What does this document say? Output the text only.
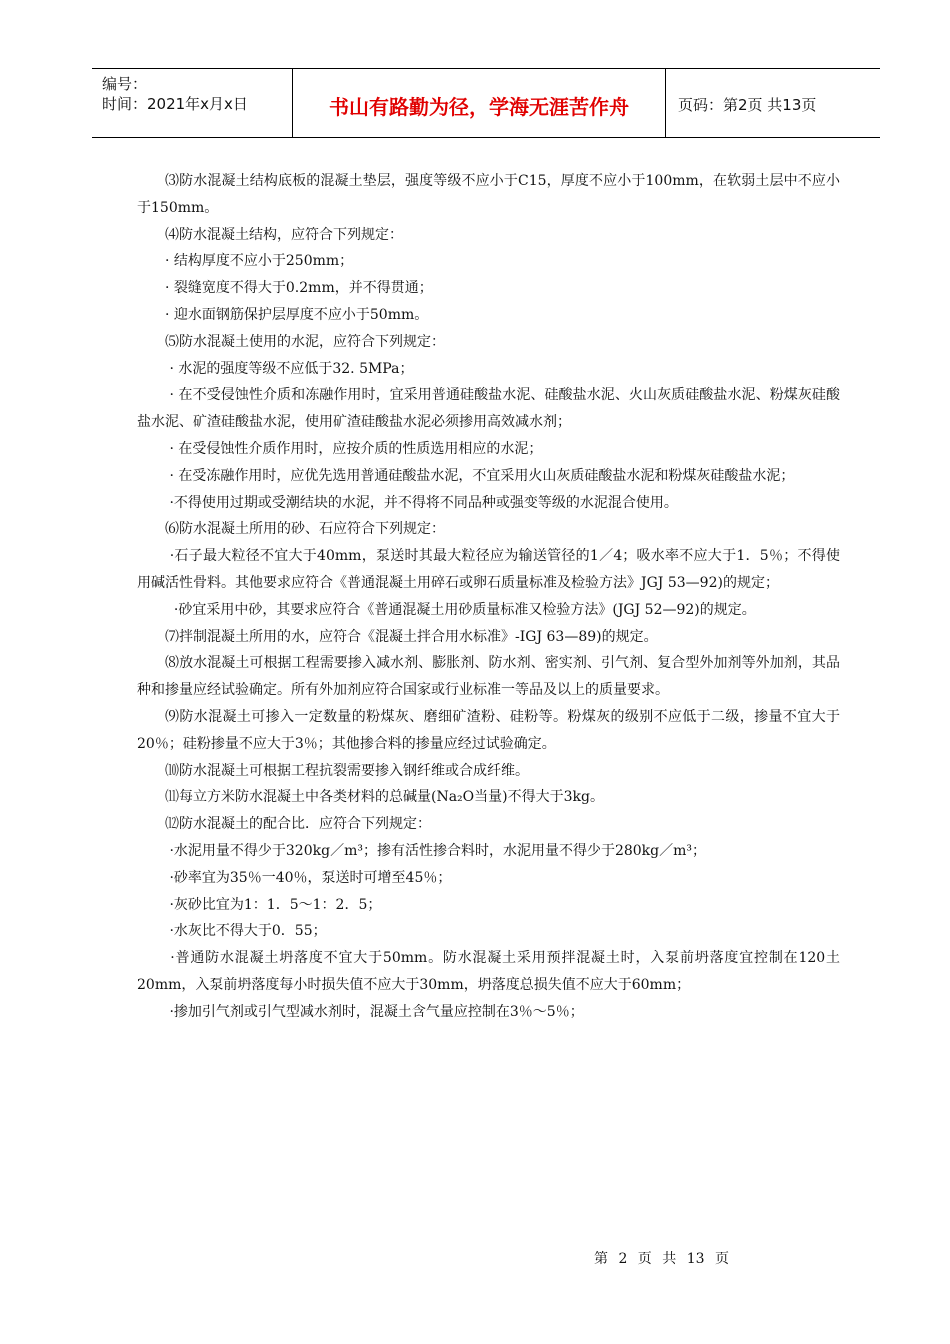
编号：
时间：2021年x月x日	书山有路勤为径，学海无涯苦作舟	页码：第2页 共13页

⑶防水混凝土结构底板的混凝土垫层，强度等级不应小于C15，厚度不应小于100mm，在软弱土层中不应小于150mm。

⑷防水混凝土结构，应符合下列规定：

· 结构厚度不应小于250mm；

· 裂缝宽度不得大于0.2mm，并不得贯通；

· 迎水面钢筋保护层厚度不应小于50mm。

⑸防水混凝土使用的水泥，应符合下列规定：

· 水泥的强度等级不应低于32. 5MPa；

· 在不受侵蚀性介质和冻融作用时，宜采用普通硅酸盐水泥、硅酸盐水泥、火山灰质硅酸盐水泥、粉煤灰硅酸盐水泥、矿渣硅酸盐水泥，使用矿渣硅酸盐水泥必须掺用高效减水剂；

· 在受侵蚀性介质作用时，应按介质的性质选用相应的水泥；

· 在受冻融作用时，应优先选用普通硅酸盐水泥，不宜采用火山灰质硅酸盐水泥和粉煤灰硅酸盐水泥；

·不得使用过期或受潮结块的水泥，并不得将不同品种或强变等级的水泥混合使用。

⑹防水混凝土所用的砂、石应符合下列规定：

·石子最大粒径不宜大于40mm，泵送时其最大粒径应为输送管径的1／4；吸水率不应大于1．5％；不得使用碱活性骨料。其他要求应符合《普通混凝土用碎石或卵石质量标准及检验方法》JGJ 53—92)的规定；

·砂宜采用中砂，其要求应符合《普通混凝土用砂质量标准又检验方法》(JGJ 52—92)的规定。

⑺拌制混凝土所用的水，应符合《混凝土拌合用水标准》-IGJ 63—89)的规定。

⑻放水混凝土可根据工程需要掺入减水剂、膨胀剂、防水剂、密实剂、引气剂、复合型外加剂等外加剂，其品种和掺量应经试验确定。所有外加剂应符合国家或行业标准一等品及以上的质量要求。

⑼防水混凝土可掺入一定数量的粉煤灰、磨细矿渣粉、硅粉等。粉煤灰的级别不应低于二级，掺量不宜大于20％；硅粉掺量不应大于3％；其他掺合料的掺量应经过试验确定。

⑽防水混凝土可根据工程抗裂需要掺入钢纤维或合成纤维。

⑾每立方米防水混凝土中各类材料的总碱量(Na₂O当量)不得大于3kg。

⑿防水混凝土的配合比．应符合下列规定：

·水泥用量不得少于320kg／m³；掺有活性掺合料时，水泥用量不得少于280kg／m³；

·砂率宜为35％一40％，泵送时可增至45％；

·灰砂比宜为1：1．5～1：2．5；

·水灰比不得大于0．55；

·普通防水混凝土坍落度不宜大于50mm。防水混凝土采用预拌混凝土时，入泵前坍落度宜控制在120土20mm，入泵前坍落度每小时损失值不应大于30mm，坍落度总损失值不应大于60mm；

·掺加引气剂或引气型减水剂时，混凝土含气量应控制在3％～5％；

第 2 页 共 13 页
